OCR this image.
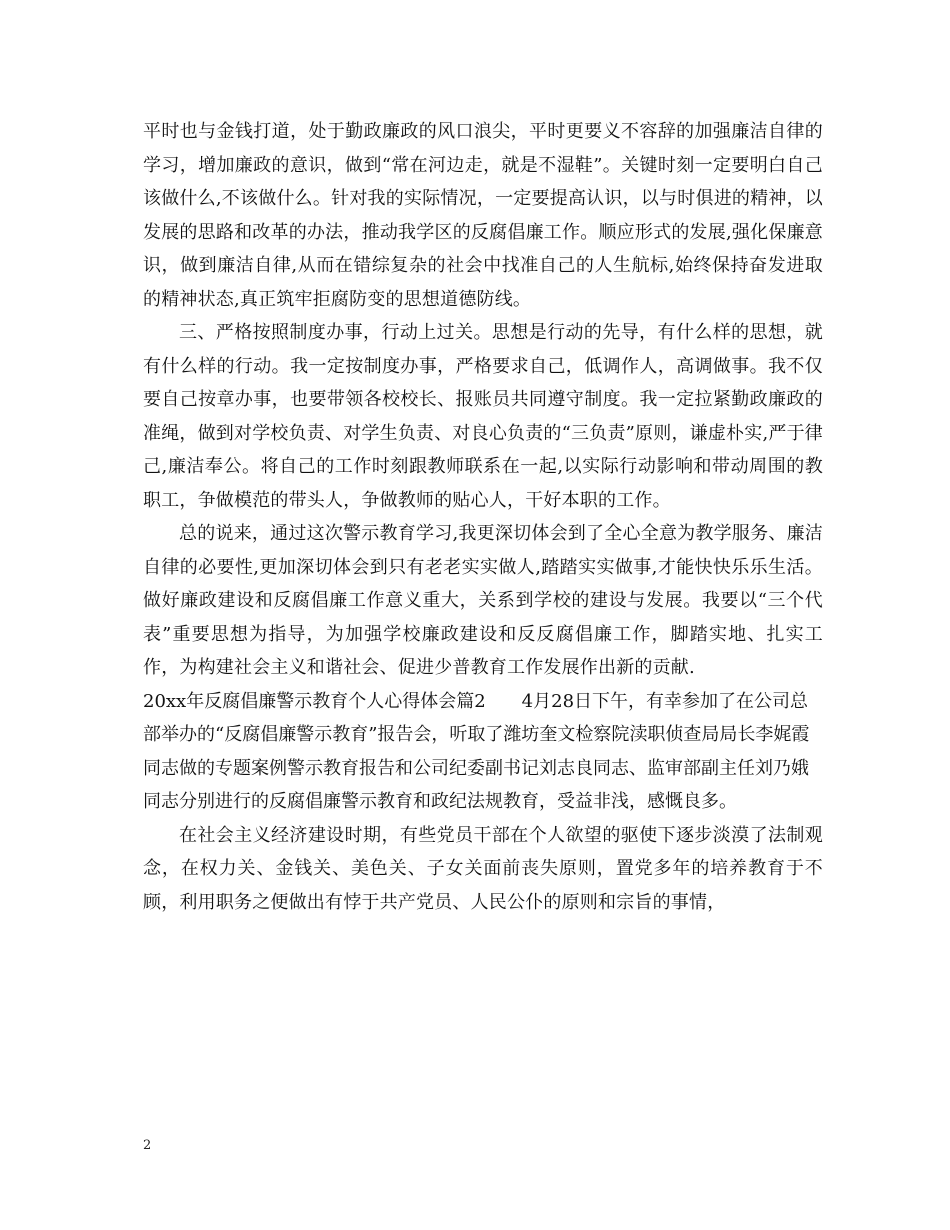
平时也与金钱打道，处于勤政廉政的风口浪尖，平时更要义不容辞的加强廉洁自律的学习，增加廉政的意识，做到“常在河边走，就是不湿鞋”。关键时刻一定要明白自己该做什么,不该做什么。针对我的实际情况，一定要提高认识，以与时俱进的精神，以发展的思路和改革的办法，推动我学区的反腐倡廉工作。顺应形式的发展,强化保廉意识，做到廉洁自律,从而在错综复杂的社会中找准自己的人生航标,始终保持奋发进取的精神状态,真正筑牢拒腐防变的思想道德防线。

三、严格按照制度办事，行动上过关。思想是行动的先导，有什么样的思想，就有什么样的行动。我一定按制度办事，严格要求自己，低调作人，高调做事。我不仅要自己按章办事，也要带领各校校长、报账员共同遵守制度。我一定拉紧勤政廉政的准绳，做到对学校负责、对学生负责、对良心负责的“三负责”原则，谦虚朴实,严于律己,廉洁奉公。将自己的工作时刻跟教师联系在一起,以实际行动影响和带动周围的教职工，争做模范的带头人，争做教师的贴心人，干好本职的工作。

总的说来，通过这次警示教育学习,我更深切体会到了全心全意为教学服务、廉洁自律的必要性,更加深切体会到只有老老实实做人,踏踏实实做事,才能快快乐乐生活。做好廉政建设和反腐倡廉工作意义重大，关系到学校的建设与发展。我要以“三个代表”重要思想为指导，为加强学校廉政建设和反反腐倡廉工作，脚踏实地、扎实工作，为构建社会主义和谐社会、促进少普教育工作发展作出新的贡献.

20xx年反腐倡廉警示教育个人心得体会篇2 4月28日下午，有幸参加了在公司总部举办的“反腐倡廉警示教育”报告会，听取了潍坊奎文检察院渎职侦查局局长李娓霞同志做的专题案例警示教育报告和公司纪委副书记刘志良同志、监审部副主任刘乃娥同志分别进行的反腐倡廉警示教育和政纪法规教育，受益非浅，感慨良多。

在社会主义经济建设时期，有些党员干部在个人欲望的驱使下逐步淡漠了法制观念，在权力关、金钱关、美色关、子女关面前丧失原则，置党多年的培养教育于不顾，利用职务之便做出有悖于共产党员、人民公仆的原则和宗旨的事情，

2
